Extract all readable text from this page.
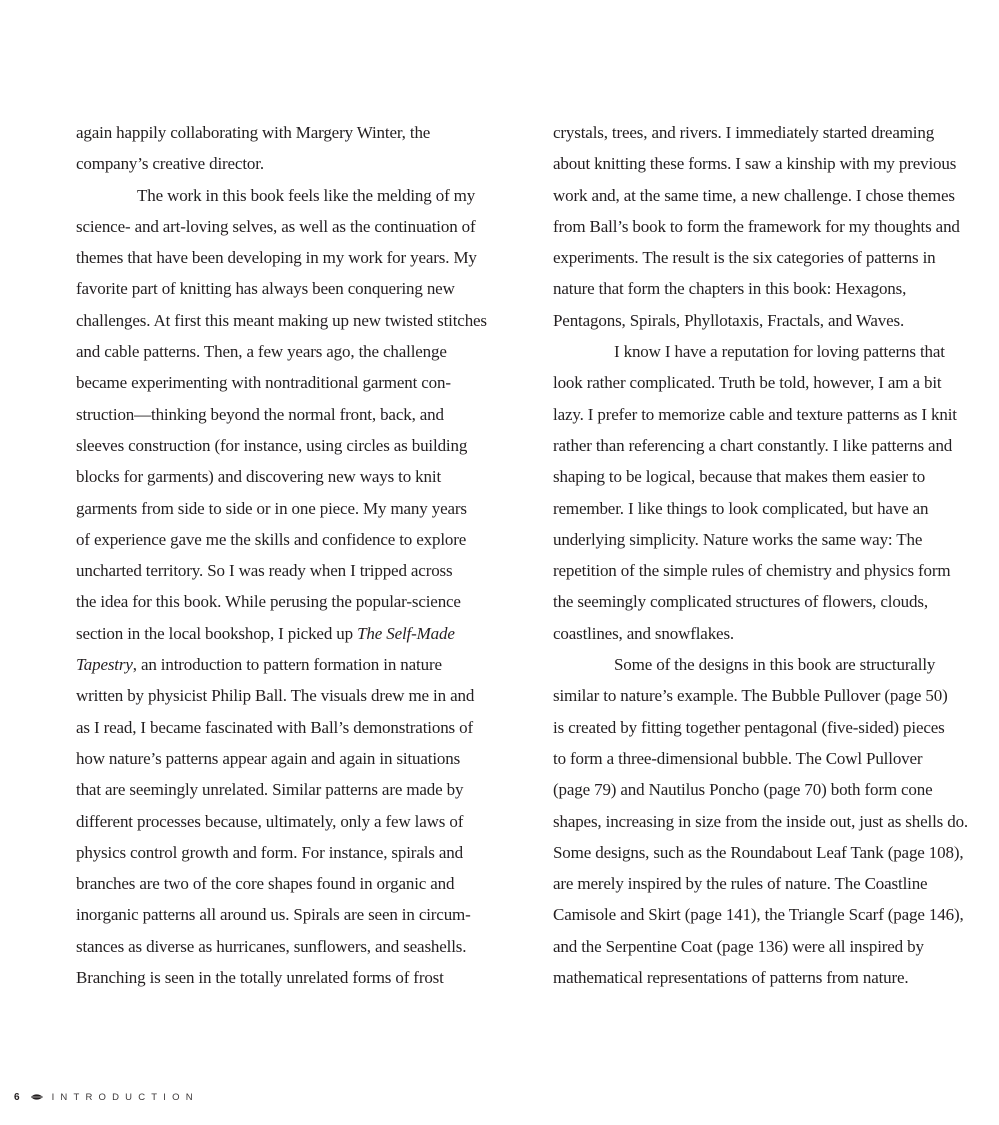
again happily collaborating with Margery Winter, the
company’s creative director.
The work in this book feels like the melding of my
science- and art-loving selves, as well as the continuation of
themes that have been developing in my work for years. My
favorite part of knitting has always been conquering new
challenges. At first this meant making up new twisted stitches
and cable patterns. Then, a few years ago, the challenge
became experimenting with nontraditional garment con-
struction—thinking beyond the normal front, back, and
sleeves construction (for instance, using circles as building
blocks for garments) and discovering new ways to knit
garments from side to side or in one piece. My many years
of experience gave me the skills and confidence to explore
uncharted territory. So I was ready when I tripped across
the idea for this book. While perusing the popular-science
section in the local bookshop, I picked up The Self-Made
Tapestry, an introduction to pattern formation in nature
written by physicist Philip Ball. The visuals drew me in and
as I read, I became fascinated with Ball’s demonstrations of
how nature’s patterns appear again and again in situations
that are seemingly unrelated. Similar patterns are made by
different processes because, ultimately, only a few laws of
physics control growth and form. For instance, spirals and
branches are two of the core shapes found in organic and
inorganic patterns all around us. Spirals are seen in circum-
stances as diverse as hurricanes, sunflowers, and seashells.
Branching is seen in the totally unrelated forms of frost
crystals, trees, and rivers. I immediately started dreaming
about knitting these forms. I saw a kinship with my previous
work and, at the same time, a new challenge. I chose themes
from Ball’s book to form the framework for my thoughts and
experiments. The result is the six categories of patterns in
nature that form the chapters in this book: Hexagons,
Pentagons, Spirals, Phyllotaxis, Fractals, and Waves.
I know I have a reputation for loving patterns that
look rather complicated. Truth be told, however, I am a bit
lazy. I prefer to memorize cable and texture patterns as I knit
rather than referencing a chart constantly. I like patterns and
shaping to be logical, because that makes them easier to
remember. I like things to look complicated, but have an
underlying simplicity. Nature works the same way: The
repetition of the simple rules of chemistry and physics form
the seemingly complicated structures of flowers, clouds,
coastlines, and snowflakes.
Some of the designs in this book are structurally
similar to nature’s example. The Bubble Pullover (page 50)
is created by fitting together pentagonal (five-sided) pieces
to form a three-dimensional bubble. The Cowl Pullover
(page 79) and Nautilus Poncho (page 70) both form cone
shapes, increasing in size from the inside out, just as shells do.
Some designs, such as the Roundabout Leaf Tank (page 108),
are merely inspired by the rules of nature. The Coastline
Camisole and Skirt (page 141), the Triangle Scarf (page 146),
and the Serpentine Coat (page 136) were all inspired by
mathematical representations of patterns from nature.
6	INTRODUCTION
